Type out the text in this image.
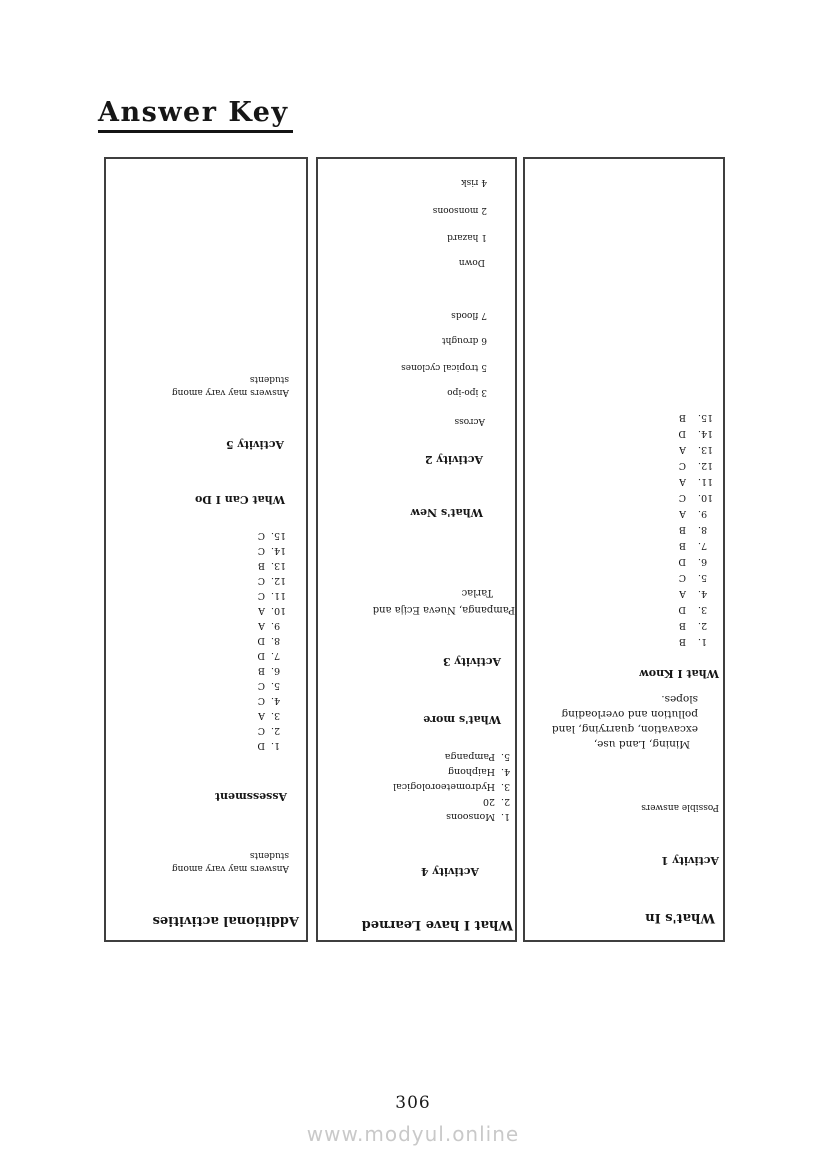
Answer Key
Additional activities
Answers may vary among
students
Assessment
1.
D
2.
C
3.
A
4.
C
5.
C
6.
B
7.
D
8.
D
9.
A
10.
A
11.
C
12.
C
13.
B
14.
C
15.
C
What Can I Do
Activity 5
Answers may vary among
students
What I have Learned
Activity 4
1.
Monsoons
2.
20
3.
Hydrometeorological
4.
Haiphong
5.
Pampanga
What's more
Activity 3
Pampanga, Nueva Ecija and Tarlac
What's New
Activity 2
Across
3 ipo-ipo
5 tropical cyclones
6 drought
7 floods
Down
1 hazard
2 monsoons
4 risk
What's In
Activity 1
Possible answers
Mining, Land use,
excavation, quarrying, land
pollution and overloading
slopes.
What I Know
1.
B
2.
B
3.
D
4.
A
5.
C
6.
D
7.
B
8.
B
9.
A
10.
C
11.
A
12.
C
13.
A
14.
D
15.
B
306
www.modyul.online
